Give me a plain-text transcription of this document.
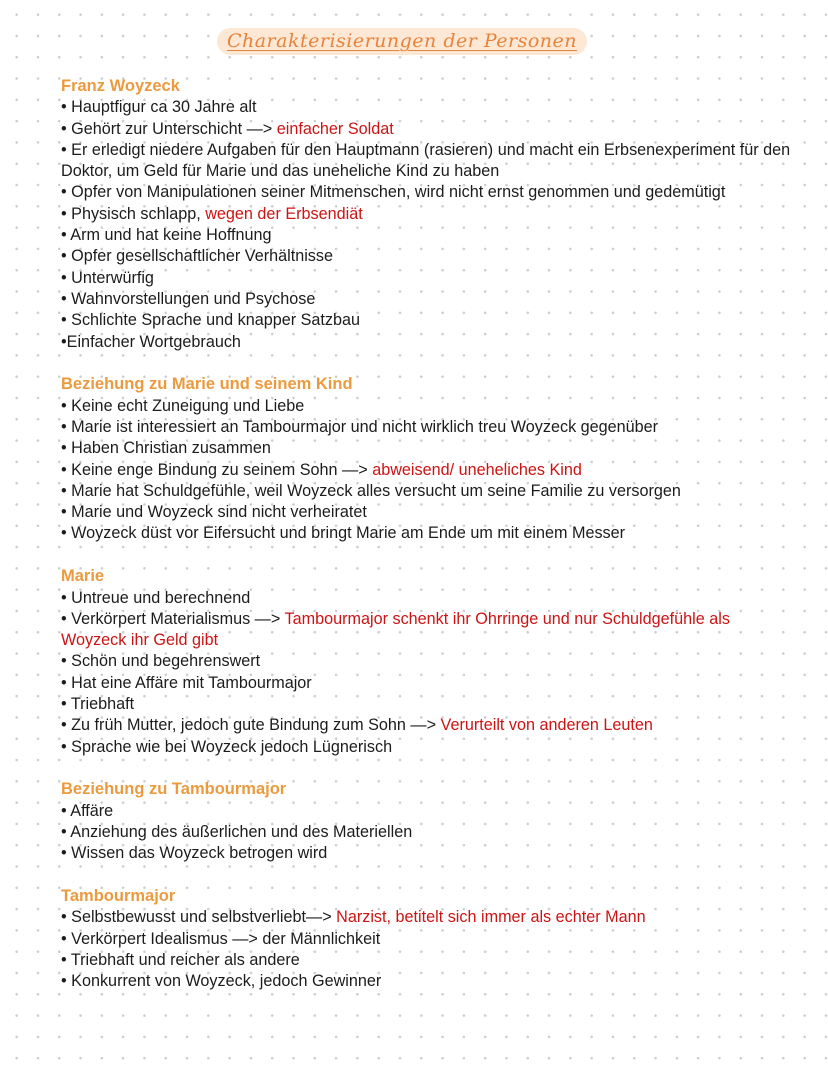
Charakterisierungen der Personen
Franz Woyzeck
• Hauptfigur ca 30 Jahre alt
• Gehört zur Unterschicht —> einfacher Soldat
• Er erledigt niedere Aufgaben für den Hauptmann (rasieren) und macht ein Erbsenexperiment für den Doktor, um Geld für Marie und das uneheliche Kind zu haben
• Opfer von Manipulationen seiner Mitmenschen, wird nicht ernst genommen und gedemütigt
• Physisch schlapp, wegen der Erbsendiät
• Arm und hat keine Hoffnung
• Opfer gesellschaftlicher Verhältnisse
• Unterwürfig
• Wahnvorstellungen und Psychose
• Schlichte Sprache und knapper Satzbau
•Einfacher Wortgebrauch
Beziehung zu Marie und seinem Kind
• Keine echt Zuneigung und Liebe
• Marie ist interessiert an Tambourmajor und nicht wirklich treu Woyzeck gegenüber
• Haben Christian zusammen
• Keine enge Bindung zu seinem Sohn —> abweisend/ uneheliches Kind
• Marie hat Schuldgefühle, weil Woyzeck alles versucht um seine Familie zu versorgen
• Marie und Woyzeck sind nicht verheiratet
• Woyzeck düst vor Eifersucht und bringt Marie am Ende um mit einem Messer
Marie
• Untreue und berechnend
• Verkörpert Materialismus —> Tambourmajor schenkt ihr Ohrringe und nur Schuldgefühle als Woyzeck ihr Geld gibt
• Schön und begehrenswert
• Hat eine Affäre mit Tambourmajor
• Triebhaft
• Zu früh Mutter, jedoch gute Bindung zum Sohn —> Verurteilt von anderen Leuten
• Sprache wie bei Woyzeck jedoch Lügnerisch
Beziehung zu Tambourmajor
• Affäre
• Anziehung des äußerlichen und des Materiellen
• Wissen das Woyzeck betrogen wird
Tambourmajor
• Selbstbewusst und selbstverliebt—> Narzist, betitelt sich immer als echter Mann
• Verkörpert Idealismus —> der Männlichkeit
• Triebhaft und reicher als andere
• Konkurrent von Woyzeck, jedoch Gewinner
